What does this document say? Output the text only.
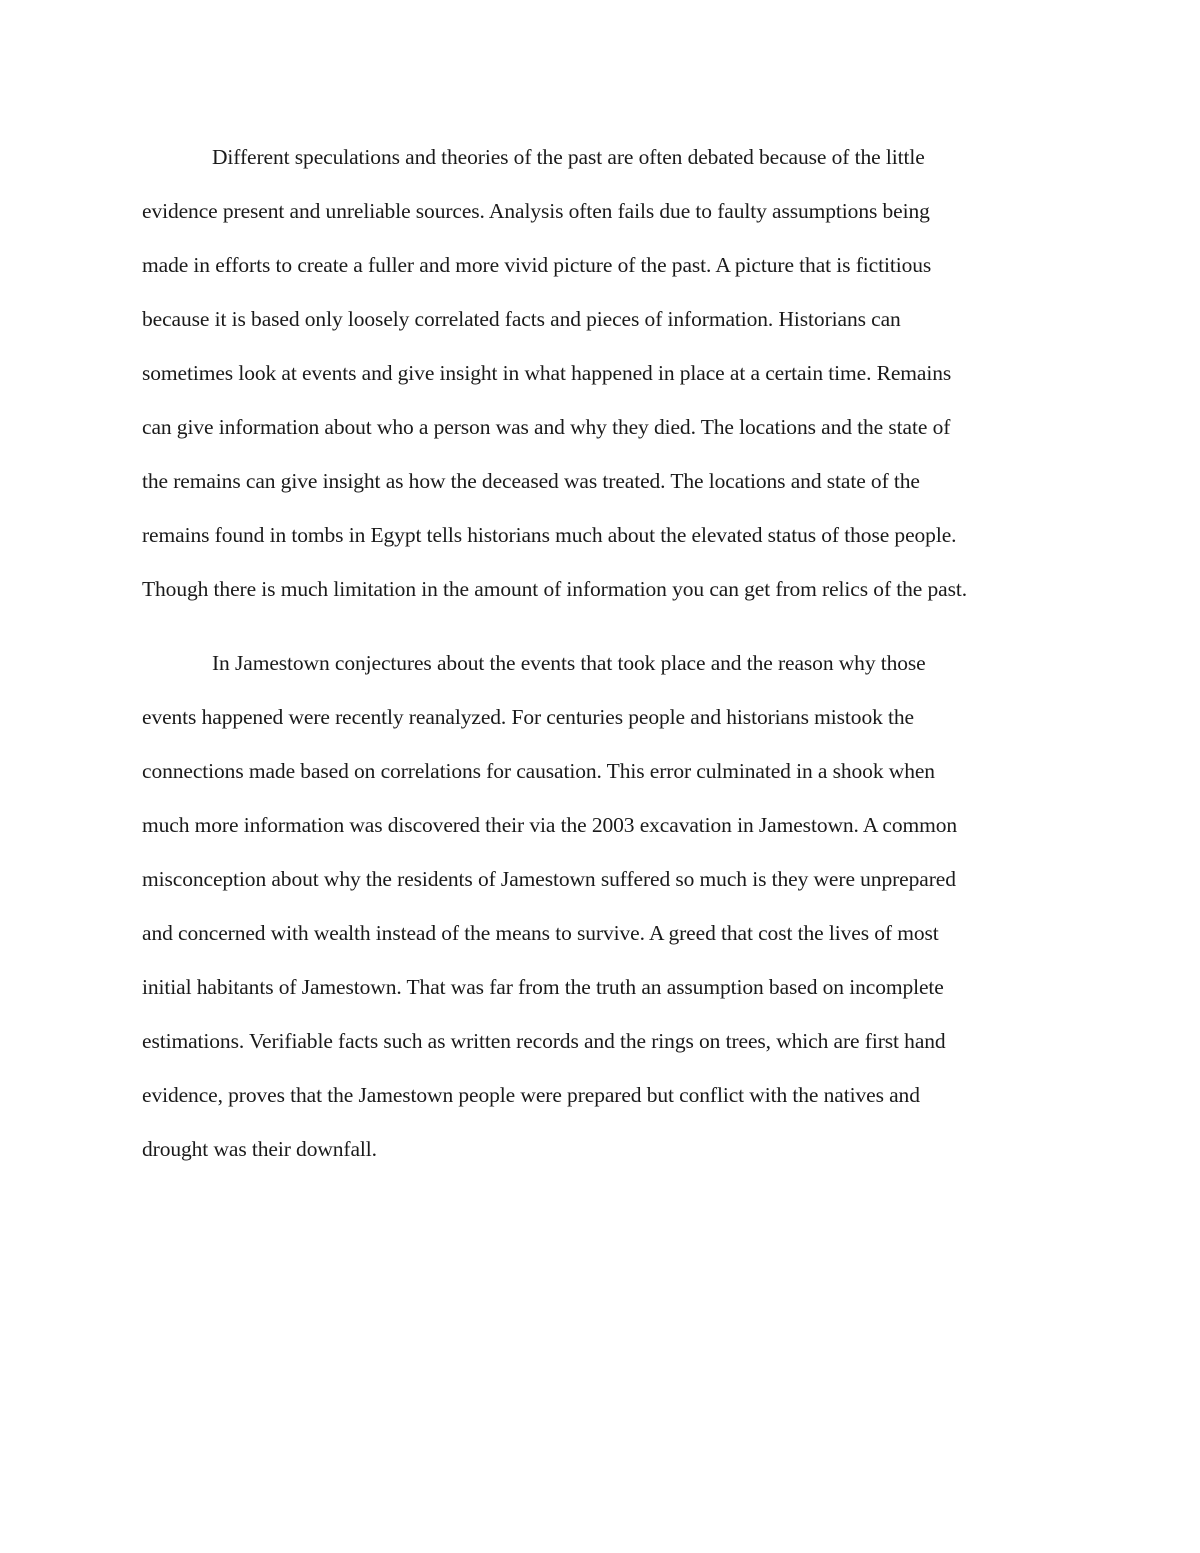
Different speculations and theories of the past are often debated because of the little
evidence present and unreliable sources. Analysis often fails due to faulty assumptions being
made in efforts to create a fuller and more vivid picture of the past. A picture that is fictitious
because it is based only loosely correlated facts and pieces of information. Historians can
sometimes look at events and give insight in what happened in place at a certain time. Remains
can give information about who a person was and why they died. The locations and the state of
the remains can give insight as how the deceased was treated. The locations and state of the
remains found in tombs in Egypt tells historians much about the elevated status of those people.
Though there is much limitation in the amount of information you can get from relics of the past.
In Jamestown conjectures about the events that took place and the reason why those
events happened were recently reanalyzed. For centuries people and historians mistook the
connections made based on correlations for causation. This error culminated in a shook when
much more information was discovered their via the 2003 excavation in Jamestown. A common
misconception about why the residents of Jamestown suffered so much is they were unprepared
and concerned with wealth instead of the means to survive. A greed that cost the lives of most
initial habitants of Jamestown. That was far from the truth an assumption based on incomplete
estimations. Verifiable facts such as written records and the rings on trees, which are first hand
evidence, proves that the Jamestown people were prepared but conflict with the natives and
drought was their downfall.
